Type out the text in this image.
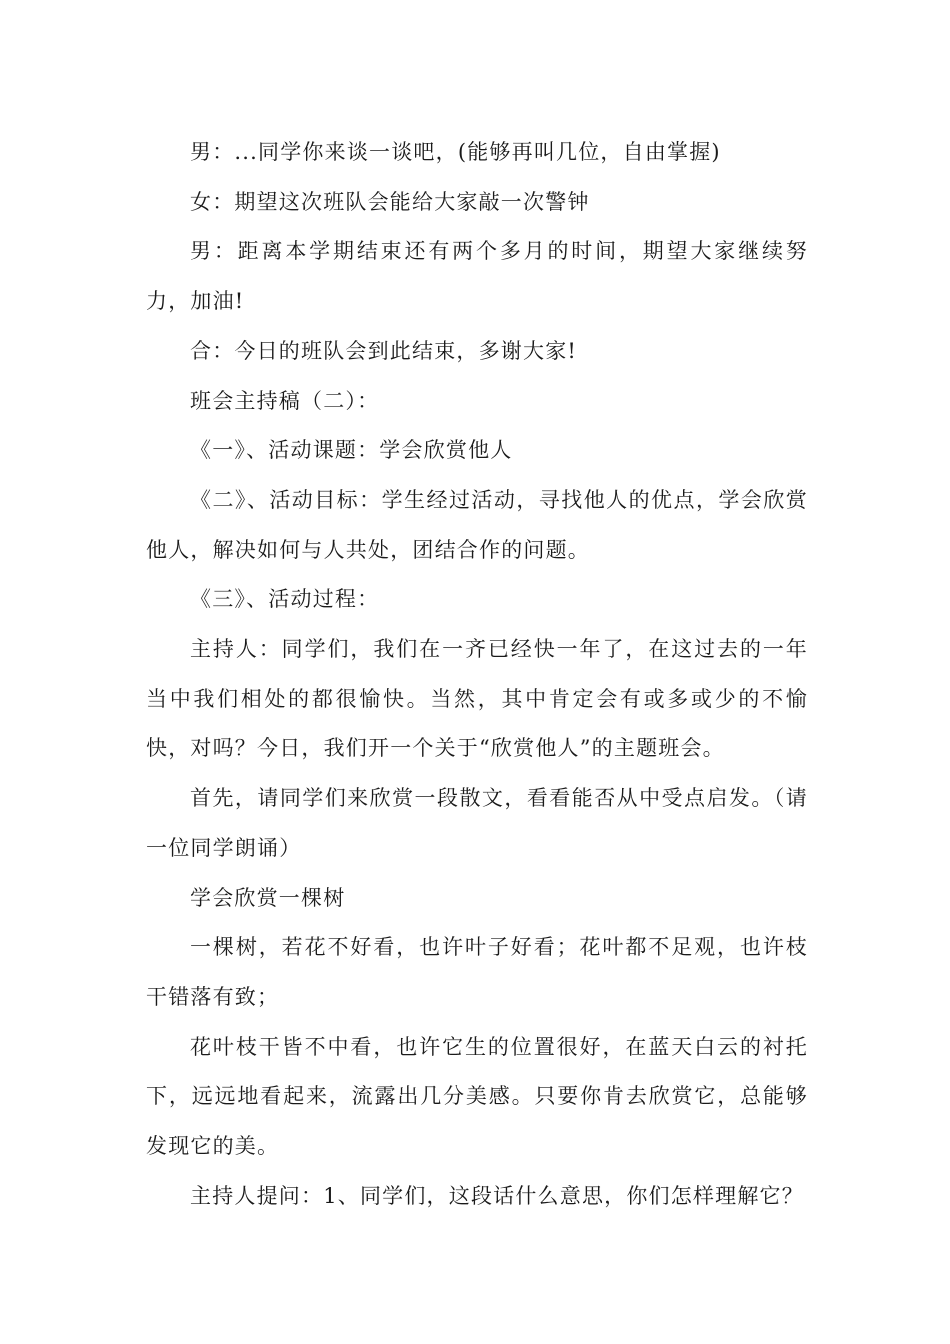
男：...同学你来谈一谈吧，(能够再叫几位，自由掌握)

女：期望这次班队会能给大家敲一次警钟

男：距离本学期结束还有两个多月的时间，期望大家继续努力，加油!

合：今日的班队会到此结束，多谢大家!

班会主持稿（二）：

《一》、活动课题：学会欣赏他人

《二》、活动目标：学生经过活动，寻找他人的优点，学会欣赏他人，解决如何与人共处，团结合作的问题。

《三》、活动过程：

主持人：同学们，我们在一齐已经快一年了，在这过去的一年当中我们相处的都很愉快。当然，其中肯定会有或多或少的不愉快，对吗？今日，我们开一个关于“欣赏他人”的主题班会。

首先，请同学们来欣赏一段散文，看看能否从中受点启发。（请一位同学朗诵）

学会欣赏一棵树

一棵树，若花不好看，也许叶子好看；花叶都不足观，也许枝干错落有致；

花叶枝干皆不中看，也许它生的位置很好，在蓝天白云的衬托下，远远地看起来，流露出几分美感。只要你肯去欣赏它，总能够发现它的美。

主持人提问：1、同学们，这段话什么意思，你们怎样理解它？
